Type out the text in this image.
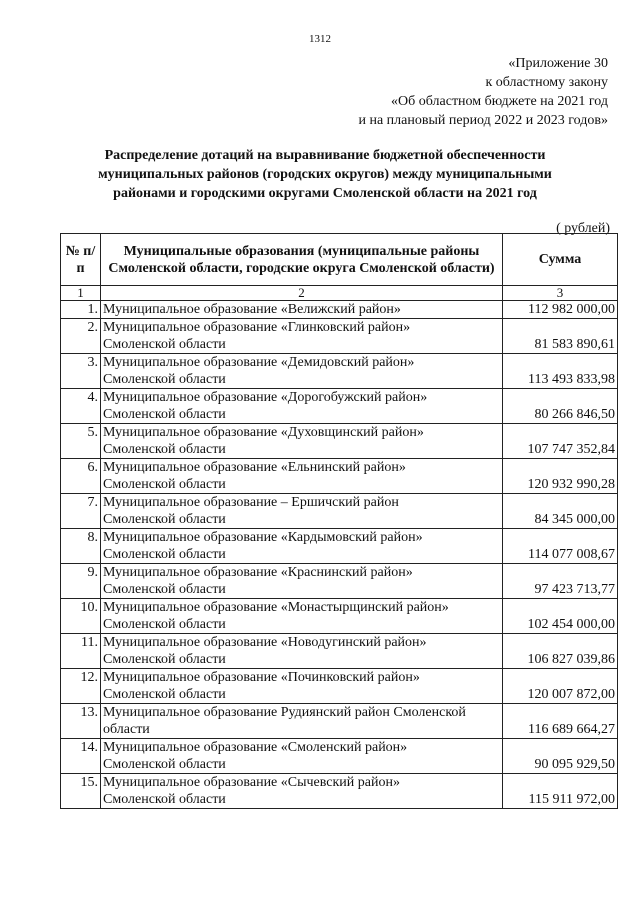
1312
«Приложение 30
к областному закону
«Об областном бюджете на 2021 год
и на плановый период 2022 и 2023 годов»
Распределение дотаций на выравнивание бюджетной обеспеченности
муниципальных районов (городских округов) между муниципальными
районами и городскими округами Смоленской области на 2021 год
( рублей)
№ п/п	Муниципальные образования (муниципальные районы Смоленской области, городские округа Смоленской области)	Сумма
1	2	3
1.	Муниципальное образование «Велижский район»	112 982 000,00
2.	Муниципальное образование «Глинковский район»
Смоленской области	81 583 890,61
3.	Муниципальное образование «Демидовский район»
Смоленской области	113 493 833,98
4.	Муниципальное образование «Дорогобужский район»
Смоленской области	80 266 846,50
5.	Муниципальное образование «Духовщинский район»
Смоленской области	107 747 352,84
6.	Муниципальное образование «Ельнинский район»
Смоленской области	120 932 990,28
7.	Муниципальное образование – Ершичский район
Смоленской области	84 345 000,00
8.	Муниципальное образование «Кардымовский район»
Смоленской области	114 077 008,67
9.	Муниципальное образование «Краснинский район»
Смоленской области	97 423 713,77
10.	Муниципальное образование «Монастырщинский район»
Смоленской области	102 454 000,00
11.	Муниципальное образование «Новодугинский район»
Смоленской области	106 827 039,86
12.	Муниципальное образование «Починковский район»
Смоленской области	120 007 872,00
13.	Муниципальное образование Рудиянский район Смоленской
области	116 689 664,27
14.	Муниципальное образование «Смоленский район»
Смоленской области	90 095 929,50
15.	Муниципальное образование «Сычевский район»
Смоленской области	115 911 972,00
